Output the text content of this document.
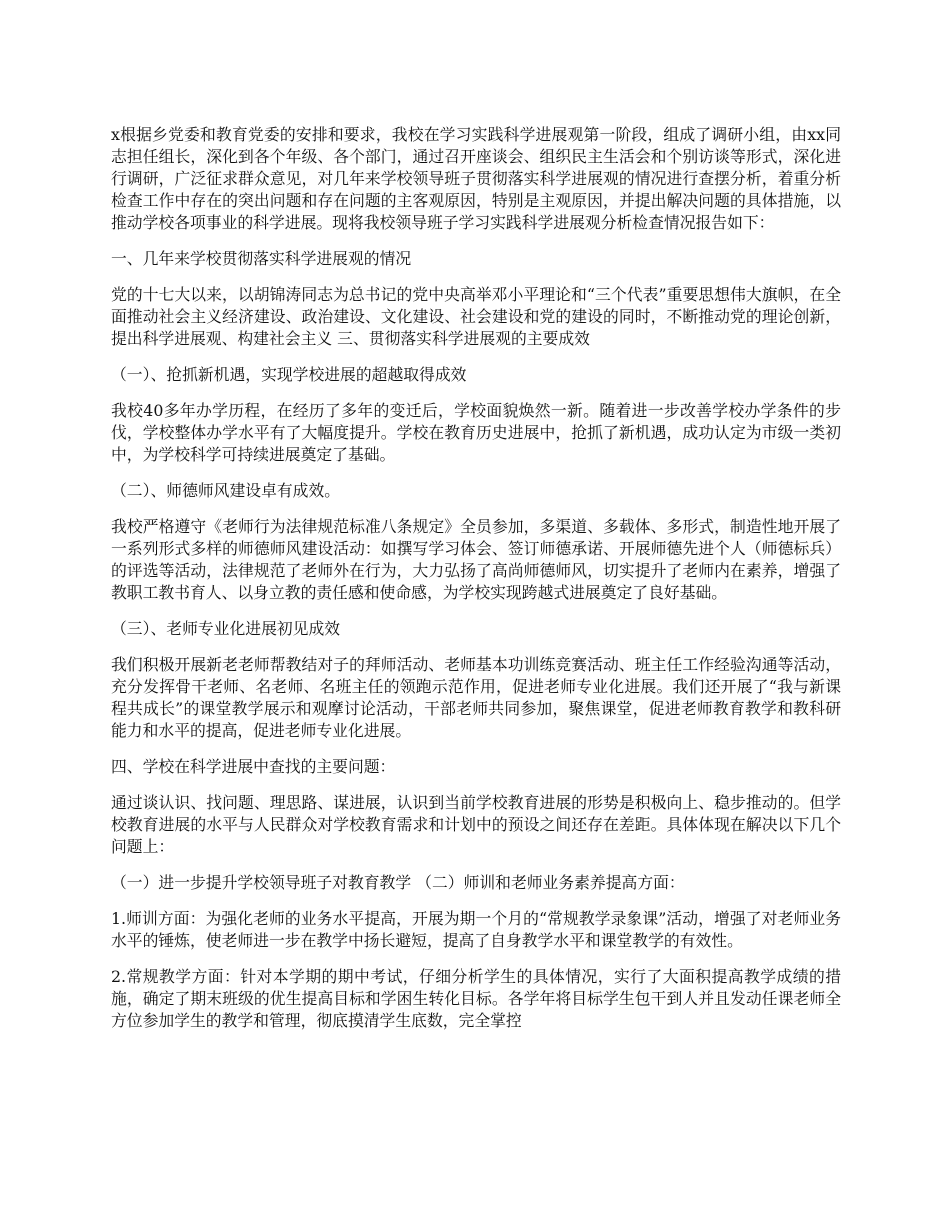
x根据乡党委和教育党委的安排和要求，我校在学习实践科学进展观第一阶段，组成了调研小组，由xx同志担任组长，深化到各个年级、各个部门，通过召开座谈会、组织民主生活会和个别访谈等形式，深化进行调研，广泛征求群众意见，对几年来学校领导班子贯彻落实科学进展观的情况进行查摆分析，着重分析检查工作中存在的突出问题和存在问题的主客观原因，特别是主观原因，并提出解决问题的具体措施，以推动学校各项事业的科学进展。现将我校领导班子学习实践科学进展观分析检查情况报告如下：

一、几年来学校贯彻落实科学进展观的情况

党的十七大以来，以胡锦涛同志为总书记的党中央高举邓小平理论和“三个代表”重要思想伟大旗帜，在全面推动社会主义经济建设、政治建设、文化建设、社会建设和党的建设的同时，不断推动党的理论创新，提出科学进展观、构建社会主义 三、贯彻落实科学进展观的主要成效

（一）、抢抓新机遇，实现学校进展的超越取得成效

我校40多年办学历程，在经历了多年的变迁后，学校面貌焕然一新。随着进一步改善学校办学条件的步伐，学校整体办学水平有了大幅度提升。学校在教育历史进展中，抢抓了新机遇，成功认定为市级一类初中，为学校科学可持续进展奠定了基础。

（二）、师德师风建设卓有成效。

我校严格遵守《老师行为法律规范标准八条规定》全员参加，多渠道、多载体、多形式，制造性地开展了一系列形式多样的师德师风建设活动：如撰写学习体会、签订师德承诺、开展师德先进个人（师德标兵）的评选等活动，法律规范了老师外在行为，大力弘扬了高尚师德师风，切实提升了老师内在素养，增强了教职工教书育人、以身立教的责任感和使命感，为学校实现跨越式进展奠定了良好基础。

（三）、老师专业化进展初见成效

我们积极开展新老老师帮教结对子的拜师活动、老师基本功训练竞赛活动、班主任工作经验沟通等活动，充分发挥骨干老师、名老师、名班主任的领跑示范作用，促进老师专业化进展。我们还开展了“我与新课程共成长”的课堂教学展示和观摩讨论活动，干部老师共同参加，聚焦课堂，促进老师教育教学和教科研能力和水平的提高，促进老师专业化进展。

四、学校在科学进展中查找的主要问题：

通过谈认识、找问题、理思路、谋进展，认识到当前学校教育进展的形势是积极向上、稳步推动的。但学校教育进展的水平与人民群众对学校教育需求和计划中的预设之间还存在差距。具体体现在解决以下几个问题上：

（一）进一步提升学校领导班子对教育教学 （二）师训和老师业务素养提高方面：

1.师训方面：为强化老师的业务水平提高，开展为期一个月的“常规教学录象课”活动，增强了对老师业务水平的锤炼，使老师进一步在教学中扬长避短，提高了自身教学水平和课堂教学的有效性。

2.常规教学方面：针对本学期的期中考试，仔细分析学生的具体情况，实行了大面积提高教学成绩的措施，确定了期末班级的优生提高目标和学困生转化目标。各学年将目标学生包干到人并且发动任课老师全方位参加学生的教学和管理，彻底摸清学生底数，完全掌控
